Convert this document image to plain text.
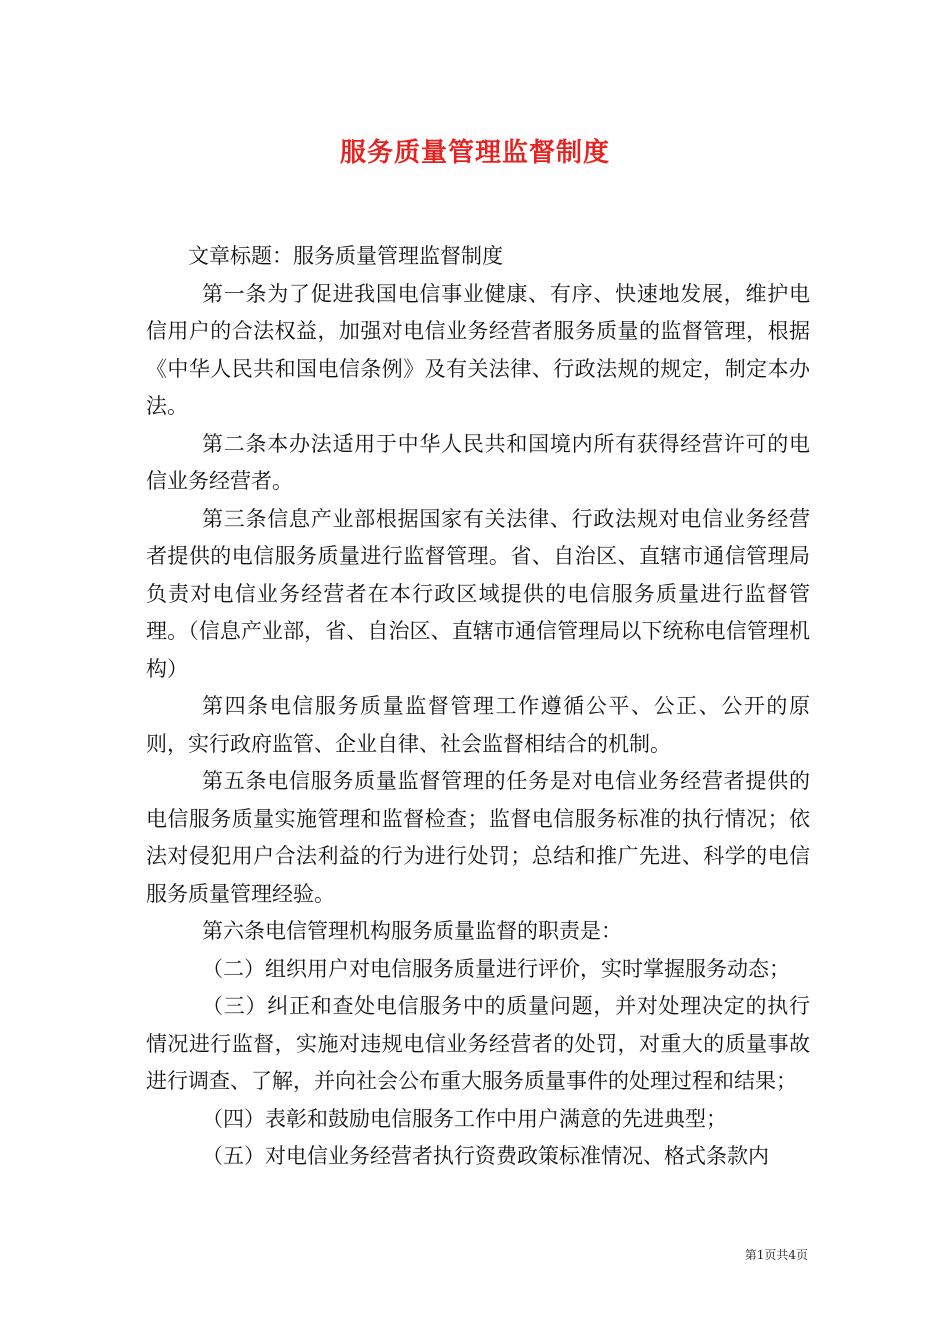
服务质量管理监督制度

文章标题：服务质量管理监督制度

第一条为了促进我国电信事业健康、有序、快速地发展，维护电信用户的合法权益，加强对电信业务经营者服务质量的监督管理，根据《中华人民共和国电信条例》及有关法律、行政法规的规定，制定本办法。

第二条本办法适用于中华人民共和国境内所有获得经营许可的电信业务经营者。

第三条信息产业部根据国家有关法律、行政法规对电信业务经营者提供的电信服务质量进行监督管理。省、自治区、直辖市通信管理局负责对电信业务经营者在本行政区域提供的电信服务质量进行监督管理。（信息产业部，省、自治区、直辖市通信管理局以下统称电信管理机构）

第四条电信服务质量监督管理工作遵循公平、公正、公开的原则，实行政府监管、企业自律、社会监督相结合的机制。

第五条电信服务质量监督管理的任务是对电信业务经营者提供的电信服务质量实施管理和监督检查；监督电信服务标准的执行情况；依法对侵犯用户合法利益的行为进行处罚；总结和推广先进、科学的电信服务质量管理经验。

第六条电信管理机构服务质量监督的职责是：

（二）组织用户对电信服务质量进行评价，实时掌握服务动态；

（三）纠正和查处电信服务中的质量问题，并对处理决定的执行情况进行监督，实施对违规电信业务经营者的处罚，对重大的质量事故进行调查、了解，并向社会公布重大服务质量事件的处理过程和结果；

（四）表彰和鼓励电信服务工作中用户满意的先进典型；

（五）对电信业务经营者执行资费政策标准情况、格式条款内

第1页共4页
